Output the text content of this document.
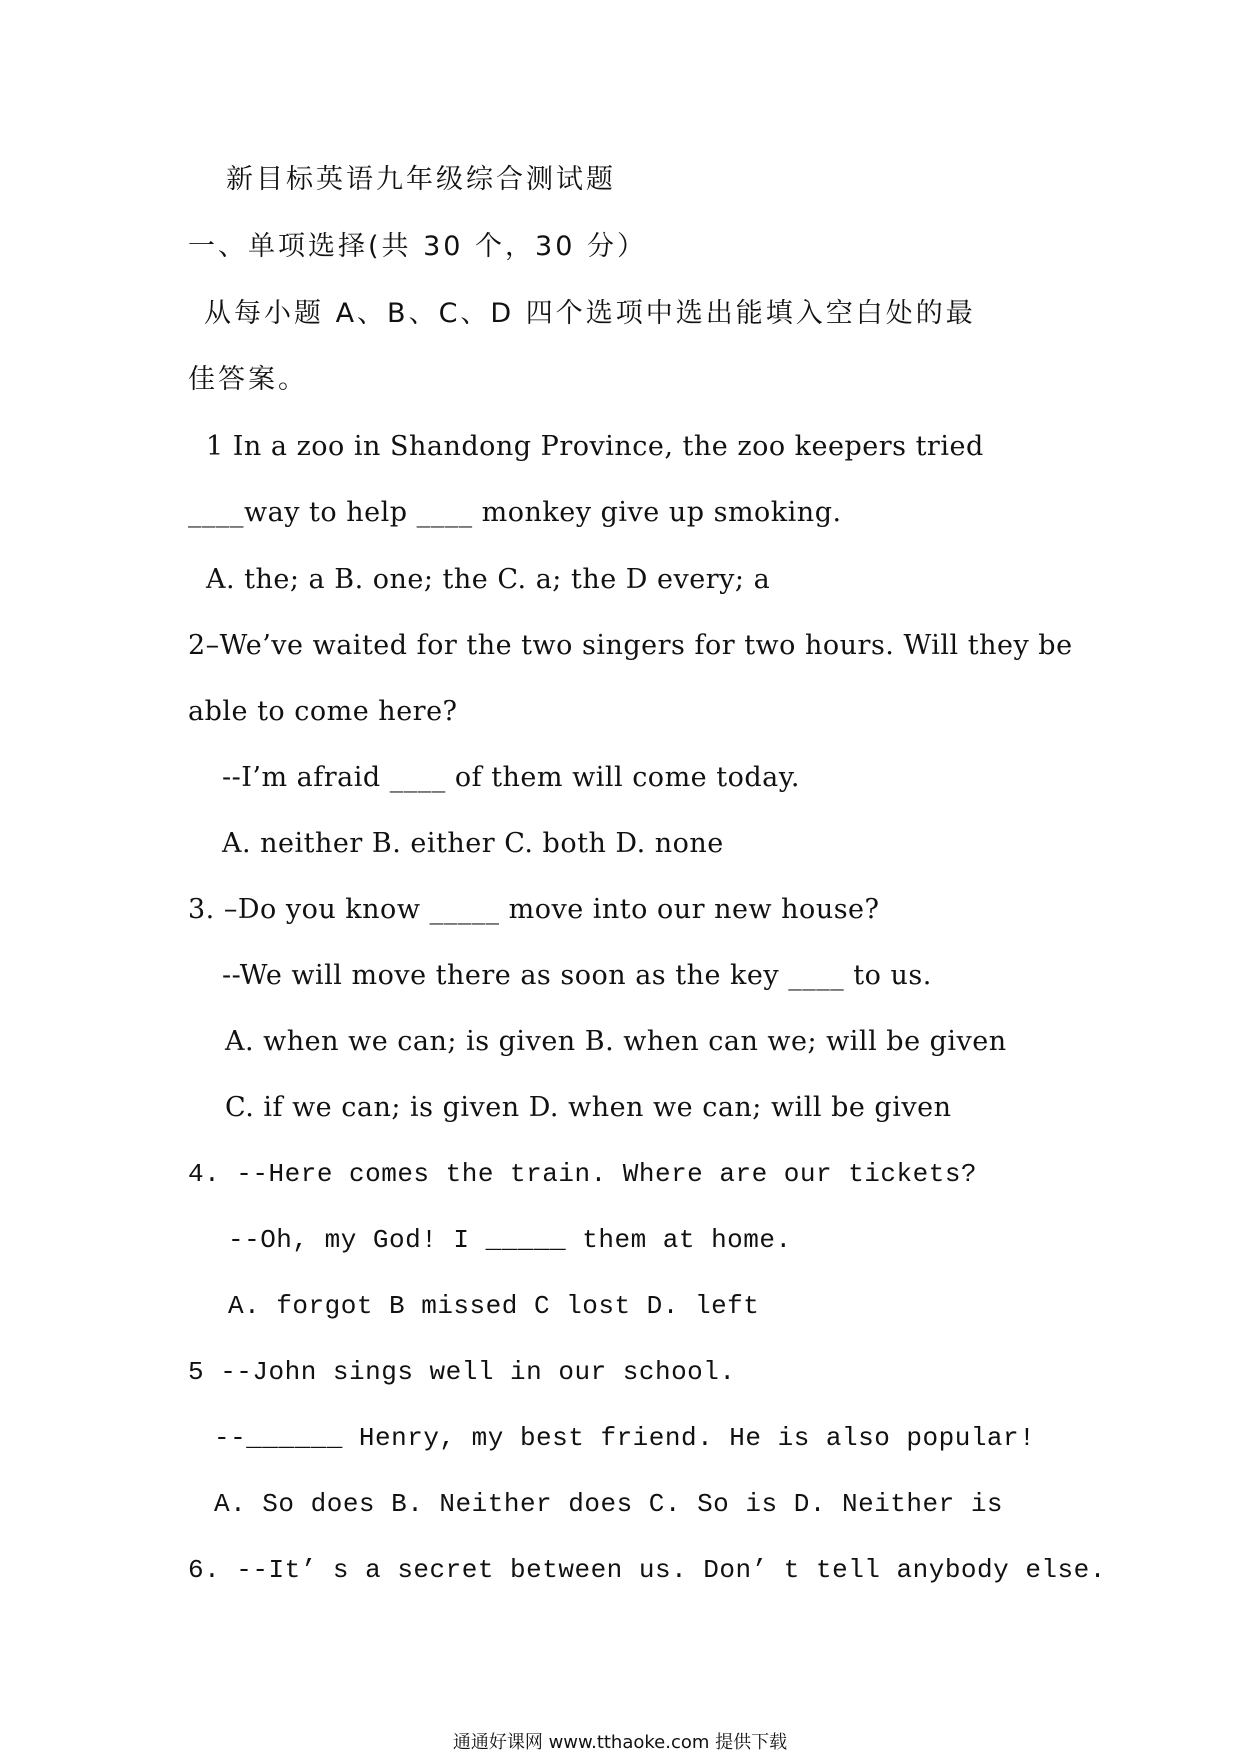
新目标英语九年级综合测试题

一、单项选择(共 30 个，30 分）

从每小题 A、B、C、D 四个选项中选出能填入空白处的最

佳答案。

1 In a zoo in Shandong Province, the zoo keepers tried

____way to help ____ monkey give up smoking.

A. the; a B. one; the C. a; the D every; a

2–We’ve waited for the two singers for two hours. Will they be

able to come here?

--I’m afraid ____ of them will come today.

A. neither B. either C. both D. none

3. –Do you know _____ move into our new house?

--We will move there as soon as the key ____ to us.

A. when we can; is given B. when can we; will be given

C. if we can; is given D. when we can; will be given

4. --Here comes the train. Where are our tickets?

--Oh, my God! I _____ them at home.

A. forgot B missed C lost D. left

5 --John sings well in our school.

--______ Henry, my best friend. He is also popular!

A. So does B. Neither does C. So is D. Neither is

6. --It’ s a secret between us. Don’ t tell anybody else.

通通好课网 www.tthaoke.com 提供下载
